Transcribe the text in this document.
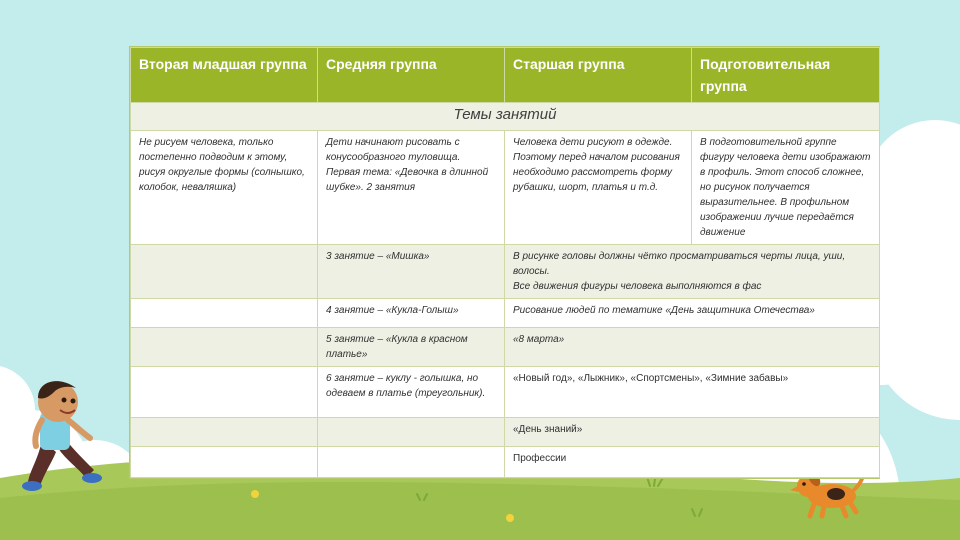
Вторая младшая группа	Средняя группа	Старшая группа	Подготовительная группа
Темы занятий			
Не рисуем человека, только постепенно подводим к этому, рисуя округлые формы (солнышко, колобок, неваляшка)	Дети начинают рисовать с конусообразного туловища. Первая тема: «Девочка в длинной шубке». 2 занятия	Человека дети рисуют в одежде. Поэтому перед началом рисования необходимо рассмотреть форму рубашки, шорт, платья и т.д.	В подготовительной группе фигуру человека дети изображают в профиль. Этот способ сложнее, но рисунок получается выразительнее. В профильном изображении лучше передаётся движение
	3 занятие – «Мишка»	В рисунке головы должны чётко просматриваться черты лица, уши, волосы.
Все движения фигуры человека выполняются в фас	

	4 занятие – «Кукла-Голыш»	Рисование людей по тематике «День защитника Отечества»	
	5 занятие – «Кукла в красном платье»	«8 марта»	
	6 занятие – куклу - голышка, но одеваем в платье (треугольник).	«Новый год», «Лыжник», «Спортсмены», «Зимние забавы»	
		«День знаний»	
		Профессии	
